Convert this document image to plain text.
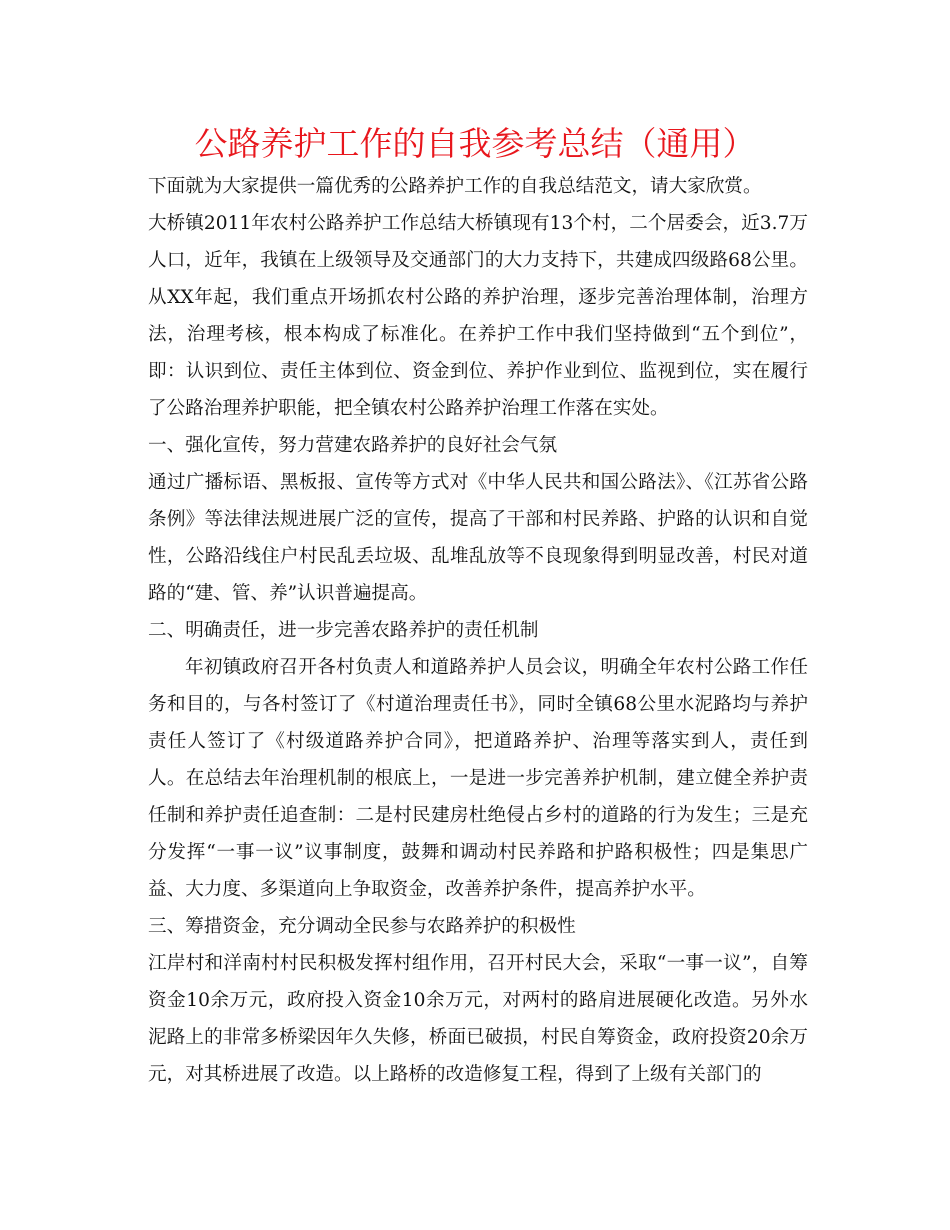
公路养护工作的自我参考总结（通用）

下面就为大家提供一篇优秀的公路养护工作的自我总结范文，请大家欣赏。

大桥镇2011年农村公路养护工作总结大桥镇现有13个村，二个居委会，近3.7万人口，近年，我镇在上级领导及交通部门的大力支持下，共建成四级路68公里。从XX年起，我们重点开场抓农村公路的养护治理，逐步完善治理体制，治理方法，治理考核，根本构成了标准化。在养护工作中我们坚持做到“五个到位”，即：认识到位、责任主体到位、资金到位、养护作业到位、监视到位，实在履行了公路治理养护职能，把全镇农村公路养护治理工作落在实处。

一、强化宣传，努力营建农路养护的良好社会气氛

通过广播标语、黑板报、宣传等方式对《中华人民共和国公路法》、《江苏省公路条例》等法律法规进展广泛的宣传，提高了干部和村民养路、护路的认识和自觉性，公路沿线住户村民乱丢垃圾、乱堆乱放等不良现象得到明显改善，村民对道路的“建、管、养”认识普遍提高。

二、明确责任，进一步完善农路养护的责任机制

年初镇政府召开各村负责人和道路养护人员会议，明确全年农村公路工作任务和目的，与各村签订了《村道治理责任书》，同时全镇68公里水泥路均与养护责任人签订了《村级道路养护合同》，把道路养护、治理等落实到人，责任到人。在总结去年治理机制的根底上，一是进一步完善养护机制，建立健全养护责任制和养护责任追查制：二是村民建房杜绝侵占乡村的道路的行为发生；三是充分发挥“一事一议”议事制度，鼓舞和调动村民养路和护路积极性；四是集思广益、大力度、多渠道向上争取资金，改善养护条件，提高养护水平。

三、筹措资金，充分调动全民参与农路养护的积极性

江岸村和洋南村村民积极发挥村组作用，召开村民大会，采取“一事一议”，自筹资金10余万元，政府投入资金10余万元，对两村的路肩进展硬化改造。另外水泥路上的非常多桥梁因年久失修，桥面已破损，村民自筹资金，政府投资20余万元，对其桥进展了改造。以上路桥的改造修复工程，得到了上级有关部门的
